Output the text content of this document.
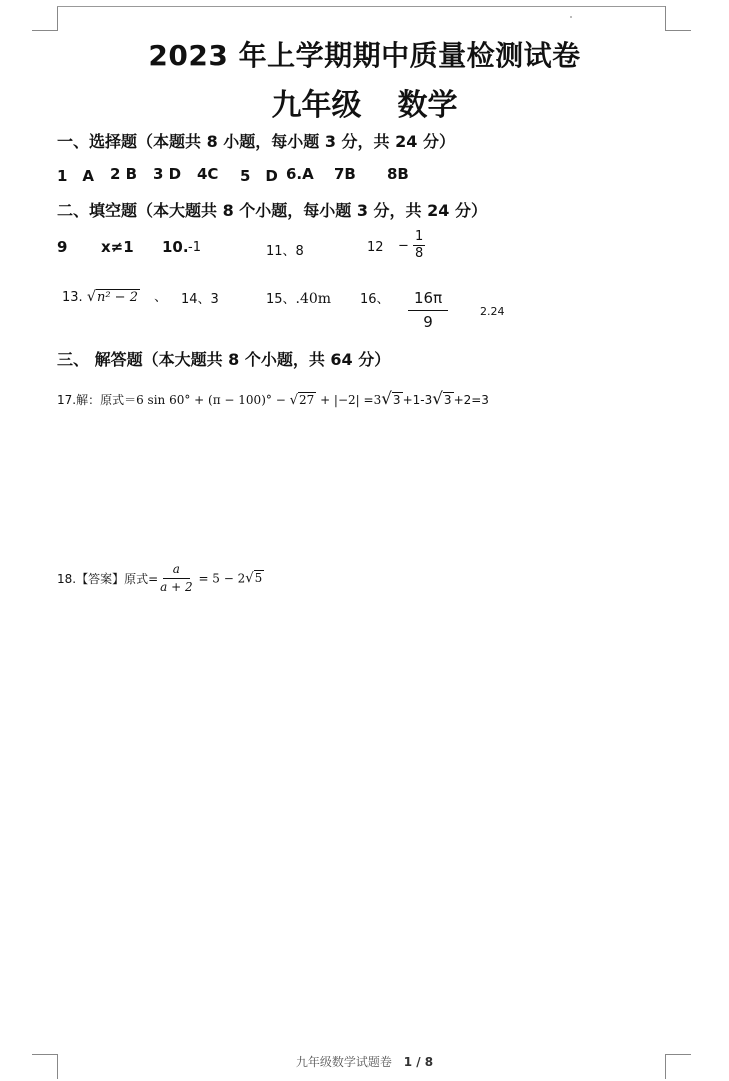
2023 年上学期期中质量检测试卷
九年级 数学
一、选择题（本题共 8 小题，每小题 3 分，共 24 分）
1　A 2 B 3 D 4C 5　D 6.A 7B 8B
二、填空题（本大题共 8 个小题，每小题 3 分，共 24 分）
9 x≠1 10. -1	11、8	$12 - \frac{1}{8}$
13. √n² − 2 、 14、3	15、.40m 16、 $\frac{16\pi}{9}$	2.24
三、 解答题（本大题共 8 个小题，共 64 分）
17.解：原式＝6 sin 60° + (π − 100)° − √27 + |−2| =3√3 +1-3√3 +2=3
18.【答案】原式= $\frac{a}{a + 2} = 5 - 2√5$
九年级数学试题卷 1 / 8
